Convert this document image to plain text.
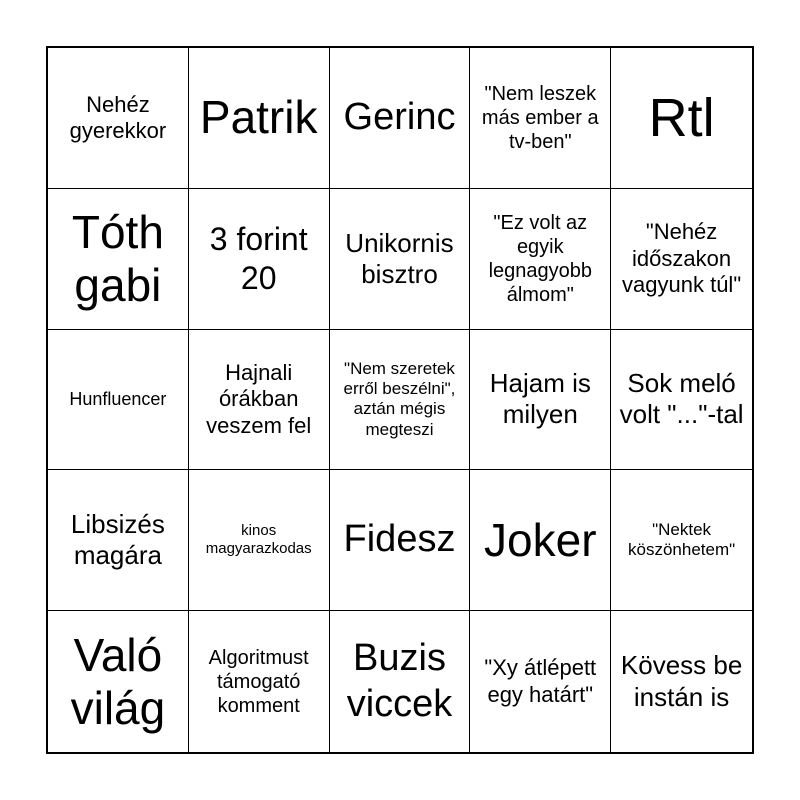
Nehéz gyerekkor Patrik Gerinc
"Nem leszek más ember a tv-ben"	Rtl
Tóth gabi
3 forint 20
Unikornis bisztro
"Ez volt az egyik legnagyobb álmom"
"Nehéz időszakon vagyunk túl"
Hunfluencer
Hajnali órákban veszem fel
"Nem szeretek erről beszélni", aztán mégis megteszi
Hajam is milyen
Sok meló volt "..."-tal
Libsizés magára
kinos magyarazkodas Fidesz Joker	"Nektek köszönhetem"
Való világ
Algoritmust támogató komment
Buzis viccek
"Xy átlépett egy határt"
Kövess be instán is
